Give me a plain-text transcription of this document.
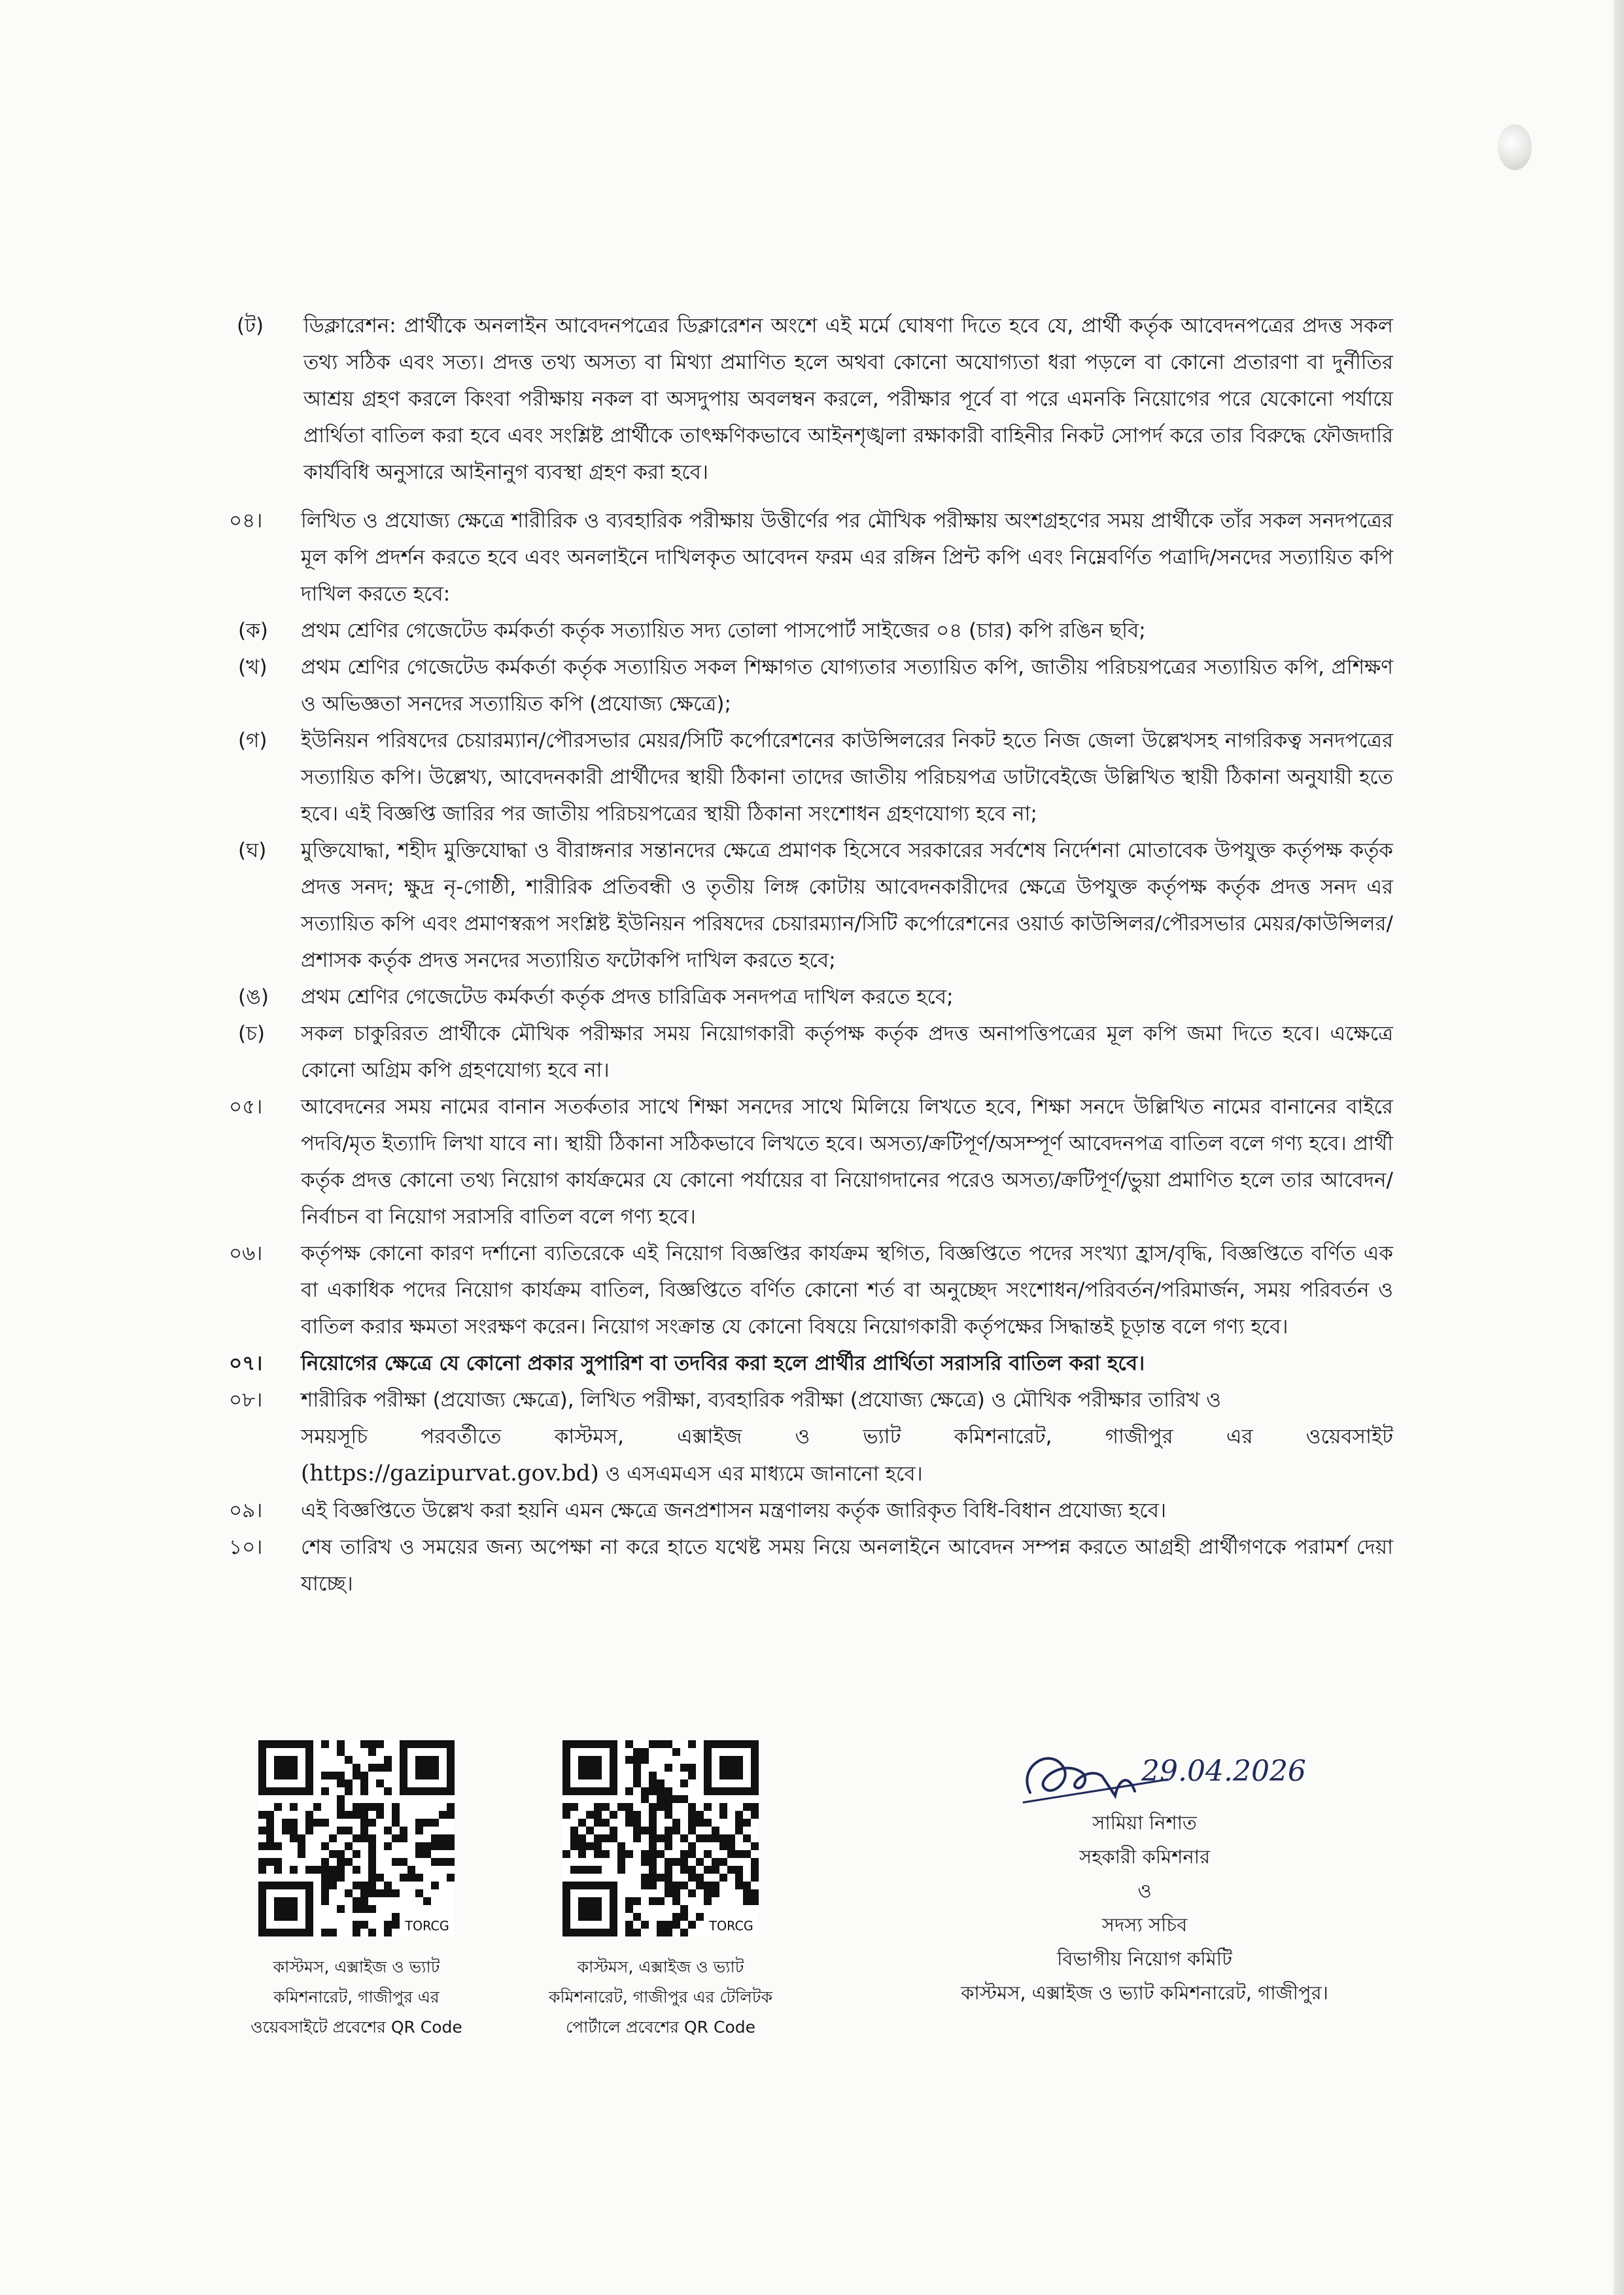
(ট) ডিক্লারেশন: প্রার্থীকে অনলাইন আবেদনপত্রের ডিক্লারেশন অংশে এই মর্মে ঘোষণা দিতে হবে যে, প্রার্থী কর্তৃক আবেদনপত্রের প্রদত্ত সকল তথ্য সঠিক এবং সত্য। প্রদত্ত তথ্য অসত্য বা মিথ্যা প্রমাণিত হলে অথবা কোনো অযোগ্যতা ধরা পড়লে বা কোনো প্রতারণা বা দুর্নীতির আশ্রয় গ্রহণ করলে কিংবা পরীক্ষায় নকল বা অসদুপায় অবলম্বন করলে, পরীক্ষার পূর্বে বা পরে এমনকি নিয়োগের পরে যেকোনো পর্যায়ে প্রার্থিতা বাতিল করা হবে এবং সংশ্লিষ্ট প্রার্থীকে তাৎক্ষণিকভাবে আইনশৃঙ্খলা রক্ষাকারী বাহিনীর নিকট সোপর্দ করে তার বিরুদ্ধে ফৌজদারি কার্যবিধি অনুসারে আইনানুগ ব্যবস্থা গ্রহণ করা হবে।
০৪। লিখিত ও প্রযোজ্য ক্ষেত্রে শারীরিক ও ব্যবহারিক পরীক্ষায় উত্তীর্ণের পর মৌখিক পরীক্ষায় অংশগ্রহণের সময় প্রার্থীকে তাঁর সকল সনদপত্রের মূল কপি প্রদর্শন করতে হবে এবং অনলাইনে দাখিলকৃত আবেদন ফরম এর রঙ্গিন প্রিন্ট কপি এবং নিম্নেবর্ণিত পত্রাদি/সনদের সত্যায়িত কপি দাখিল করতে হবে:
(ক) প্রথম শ্রেণির গেজেটেড কর্মকর্তা কর্তৃক সত্যায়িত সদ্য তোলা পাসপোর্ট সাইজের ০৪ (চার) কপি রঙিন ছবি;
(খ) প্রথম শ্রেণির গেজেটেড কর্মকর্তা কর্তৃক সত্যায়িত সকল শিক্ষাগত যোগ্যতার সত্যায়িত কপি, জাতীয় পরিচয়পত্রের সত্যায়িত কপি, প্রশিক্ষণ ও অভিজ্ঞতা সনদের সত্যায়িত কপি (প্রযোজ্য ক্ষেত্রে);
(গ) ইউনিয়ন পরিষদের চেয়ারম্যান/পৌরসভার মেয়র/সিটি কর্পোরেশনের কাউন্সিলরের নিকট হতে নিজ জেলা উল্লেখসহ নাগরিকত্ব সনদপত্রের সত্যায়িত কপি। উল্লেখ্য, আবেদনকারী প্রার্থীদের স্থায়ী ঠিকানা তাদের জাতীয় পরিচয়পত্র ডাটাবেইজে উল্লিখিত স্থায়ী ঠিকানা অনুযায়ী হতে হবে। এই বিজ্ঞপ্তি জারির পর জাতীয় পরিচয়পত্রের স্থায়ী ঠিকানা সংশোধন গ্রহণযোগ্য হবে না;
(ঘ) মুক্তিযোদ্ধা, শহীদ মুক্তিযোদ্ধা ও বীরাঙ্গনার সন্তানদের ক্ষেত্রে প্রমাণক হিসেবে সরকারের সর্বশেষ নির্দেশনা মোতাবেক উপযুক্ত কর্তৃপক্ষ কর্তৃক প্রদত্ত সনদ; ক্ষুদ্র নৃ-গোষ্ঠী, শারীরিক প্রতিবন্ধী ও তৃতীয় লিঙ্গ কোটায় আবেদনকারীদের ক্ষেত্রে উপযুক্ত কর্তৃপক্ষ কর্তৃক প্রদত্ত সনদ এর সত্যায়িত কপি এবং প্রমাণস্বরূপ সংশ্লিষ্ট ইউনিয়ন পরিষদের চেয়ারম্যান/সিটি কর্পোরেশনের ওয়ার্ড কাউন্সিলর/পৌরসভার মেয়র/কাউন্সিলর/প্রশাসক কর্তৃক প্রদত্ত সনদের সত্যায়িত ফটোকপি দাখিল করতে হবে;
(ঙ) প্রথম শ্রেণির গেজেটেড কর্মকর্তা কর্তৃক প্রদত্ত চারিত্রিক সনদপত্র দাখিল করতে হবে;
(চ) সকল চাকুরিরত প্রার্থীকে মৌখিক পরীক্ষার সময় নিয়োগকারী কর্তৃপক্ষ কর্তৃক প্রদত্ত অনাপত্তিপত্রের মূল কপি জমা দিতে হবে। এক্ষেত্রে কোনো অগ্রিম কপি গ্রহণযোগ্য হবে না।
০৫। আবেদনের সময় নামের বানান সতর্কতার সাথে শিক্ষা সনদের সাথে মিলিয়ে লিখতে হবে, শিক্ষা সনদে উল্লিখিত নামের বানানের বাইরে পদবি/মৃত ইত্যাদি লিখা যাবে না। স্থায়ী ঠিকানা সঠিকভাবে লিখতে হবে। অসত্য/ক্রটিপূর্ণ/অসম্পূর্ণ আবেদনপত্র বাতিল বলে গণ্য হবে। প্রার্থী কর্তৃক প্রদত্ত কোনো তথ্য নিয়োগ কার্যক্রমের যে কোনো পর্যায়ের বা নিয়োগদানের পরেও অসত্য/ক্রটিপূর্ণ/ভুয়া প্রমাণিত হলে তার আবেদন/নির্বাচন বা নিয়োগ সরাসরি বাতিল বলে গণ্য হবে।
০৬। কর্তৃপক্ষ কোনো কারণ দর্শানো ব্যতিরেকে এই নিয়োগ বিজ্ঞপ্তির কার্যক্রম স্থগিত, বিজ্ঞপ্তিতে পদের সংখ্যা হ্রাস/বৃদ্ধি, বিজ্ঞপ্তিতে বর্ণিত এক বা একাধিক পদের নিয়োগ কার্যক্রম বাতিল, বিজ্ঞপ্তিতে বর্ণিত কোনো শর্ত বা অনুচ্ছেদ সংশোধন/পরিবর্তন/পরিমার্জন, সময় পরিবর্তন ও বাতিল করার ক্ষমতা সংরক্ষণ করেন। নিয়োগ সংক্রান্ত যে কোনো বিষয়ে নিয়োগকারী কর্তৃপক্ষের সিদ্ধান্তই চূড়ান্ত বলে গণ্য হবে।
০৭। নিয়োগের ক্ষেত্রে যে কোনো প্রকার সুপারিশ বা তদবির করা হলে প্রার্থীর প্রার্থিতা সরাসরি বাতিল করা হবে।
০৮। শারীরিক পরীক্ষা (প্রযোজ্য ক্ষেত্রে), লিখিত পরীক্ষা, ব্যবহারিক পরীক্ষা (প্রযোজ্য ক্ষেত্রে) ও মৌখিক পরীক্ষার তারিখ ও
সময়সূচি	পরবর্তীতে	কাস্টমস,	এক্সাইজ	ও	ভ্যাট	কমিশনারেট,	গাজীপুর	এর	ওয়েবসাইট
(https://gazipurvat.gov.bd) ও এসএমএস এর মাধ্যমে জানানো হবে।
০৯। এই বিজ্ঞপ্তিতে উল্লেখ করা হয়নি এমন ক্ষেত্রে জনপ্রশাসন মন্ত্রণালয় কর্তৃক জারিকৃত বিধি-বিধান প্রযোজ্য হবে।
১০। শেষ তারিখ ও সময়ের জন্য অপেক্ষা না করে হাতে যথেষ্ট সময় নিয়ে অনলাইনে আবেদন সম্পন্ন করতে আগ্রহী প্রার্থীগণকে পরামর্শ দেয়া যাচ্ছে।
TORCG
কাস্টমস, এক্সাইজ ও ভ্যাট
কমিশনারেট, গাজীপুর এর
ওয়েবসাইটে প্রবেশের QR Code
TORCG
কাস্টমস, এক্সাইজ ও ভ্যাট
কমিশনারেট, গাজীপুর এর টেলিটক
পোর্টালে প্রবেশের QR Code
29.04.2026
সামিয়া নিশাত
সহকারী কমিশনার
ও
সদস্য সচিব
বিভাগীয় নিয়োগ কমিটি
কাস্টমস, এক্সাইজ ও ভ্যাট কমিশনারেট, গাজীপুর।
